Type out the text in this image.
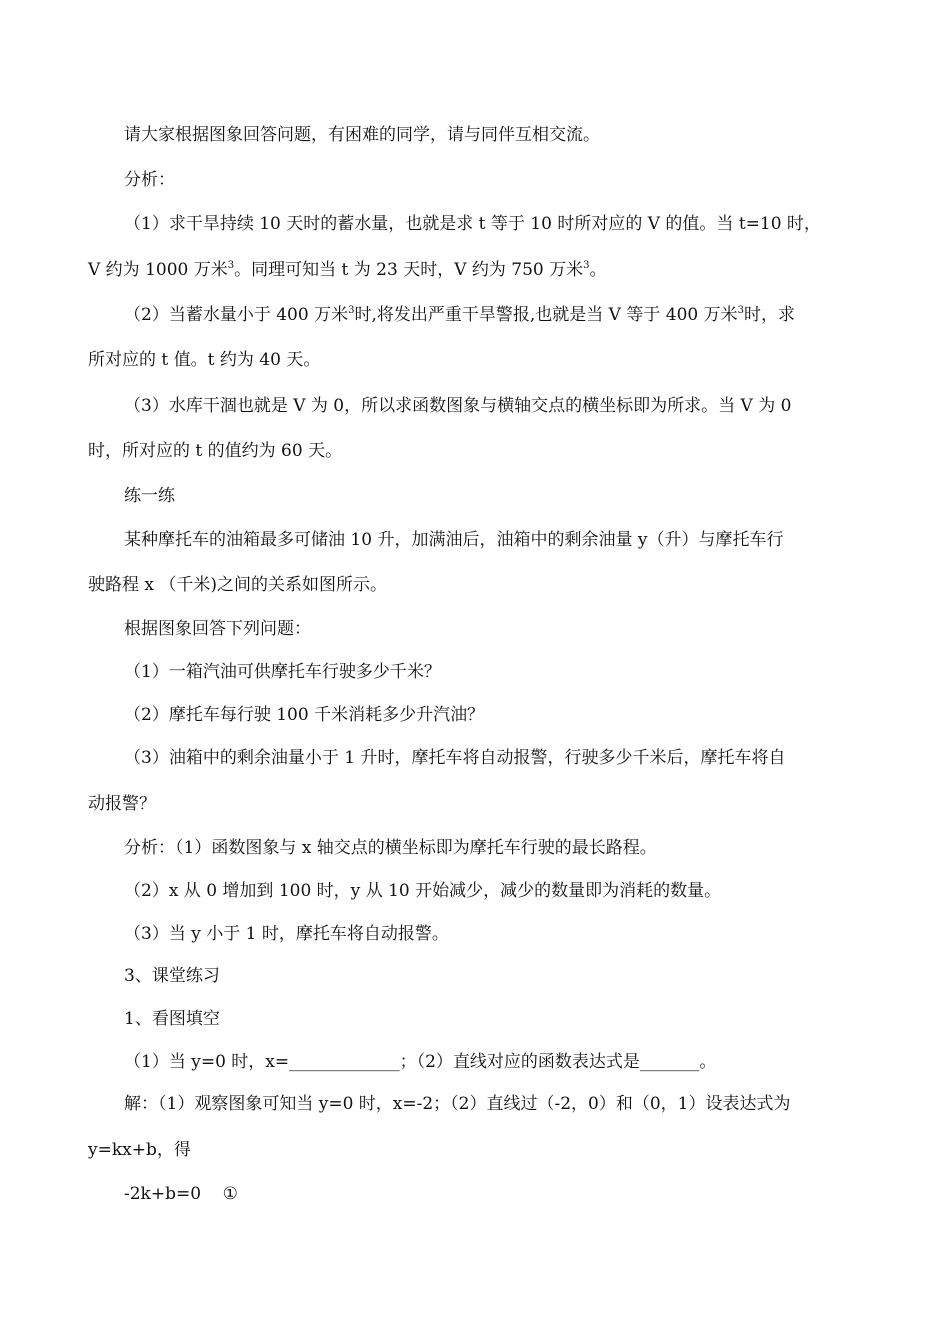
请大家根据图象回答问题，有困难的同学，请与同伴互相交流。
分析：
（1）求干旱持续 10 天时的蓄水量，也就是求 t 等于 10 时所对应的 V 的值。当 t=10 时，
V 约为 1000 万米$^3$。同理可知当 t 为 23 天时，V 约为 750 万米$^3$。
（2）当蓄水量小于 400 万米$^3$时,将发出严重干旱警报,也就是当 V 等于 400 万米$^3$时，求
所对应的 t 值。t 约为 40 天。
（3）水库干涸也就是 V 为 0，所以求函数图象与横轴交点的横坐标即为所求。当 V 为 0
时，所对应的 t 的值约为 60 天。
练一练
某种摩托车的油箱最多可储油 10 升，加满油后，油箱中的剩余油量 y（升）与摩托车行
驶路程 x （千米)之间的关系如图所示。
根据图象回答下列问题：
（1）一箱汽油可供摩托车行驶多少千米？
（2）摩托车每行驶 100 千米消耗多少升汽油？
（3）油箱中的剩余油量小于 1 升时，摩托车将自动报警，行驶多少千米后，摩托车将自
动报警？
分析：（1）函数图象与 x 轴交点的横坐标即为摩托车行驶的最长路程。
（2）x 从 0 增加到 100 时，y 从 10 开始减少，减少的数量即为消耗的数量。
（3）当 y 小于 1 时，摩托车将自动报警。
3、课堂练习
1、看图填空
（1）当 y=0 时，x=_____________；（2）直线对应的函数表达式是_______。
解：（1）观察图象可知当 y=0 时，x=-2；（2）直线过（-2，0）和（0，1）设表达式为
y=kx+b，得
-2k+b=0    ①
